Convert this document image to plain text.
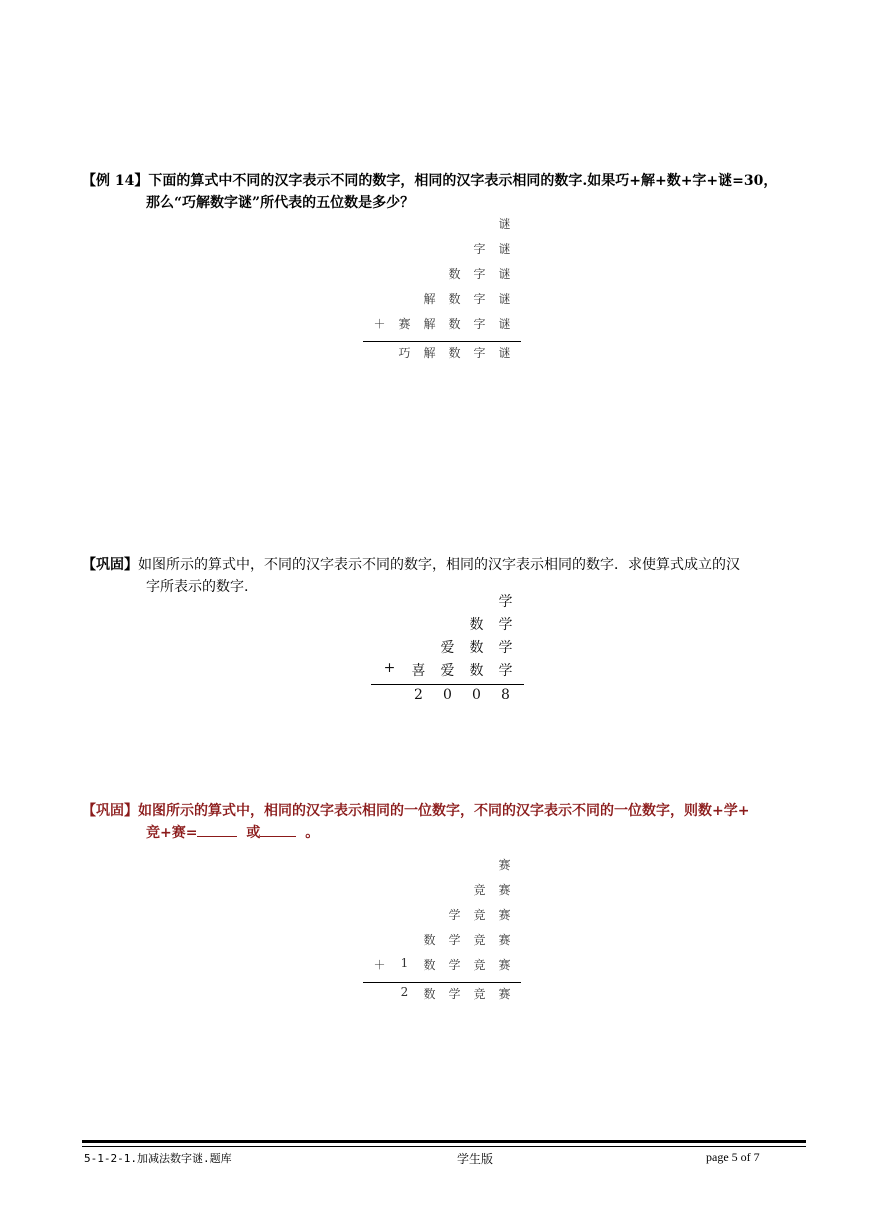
【例 14】下面的算式中不同的汉字表示不同的数字，相同的汉字表示相同的数字.如果巧+解+数+字+谜=30，
那么“巧解数字谜”所代表的五位数是多少？
谜
字	谜
数	字	谜
解	数	字	谜
＋	赛	解	数	字	谜
巧	解	数	字	谜
【巩固】如图所示的算式中，不同的汉字表示不同的数字，相同的汉字表示相同的数字．求使算式成立的汉
字所表示的数字.
学
数	学
爱	数	学
+	喜	爱	数	学
2	0	0	8
【巩固】如图所示的算式中，相同的汉字表示相同的一位数字，不同的汉字表示不同的一位数字，则数+学+
竞+赛=	或	。
赛
竞	赛
学	竞	赛
数	学	竞	赛
＋	1	数	学	竞	赛
2	数	学	竞	赛
5-1-2-1.加减法数字谜.题库	学生版	page 5 of 7
